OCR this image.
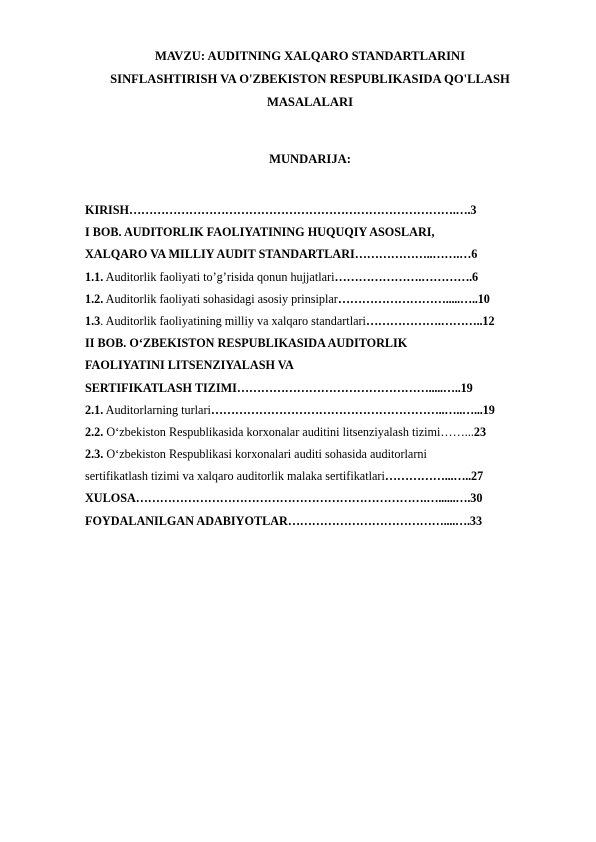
MAVZU: AUDITNING XALQARO STANDARTLARINI
SINFLASHTIRISH VA O'ZBEKISTON RESPUBLIKASIDA QO'LLASH
MASALALARI
MUNDARIJA:
KIRISH……………………………………………………………………….….3
I BOB. AUDITORLIK FAOLIYATINING HUQUQIY ASOSLARI,
XALQARO VA MILLIY AUDIT STANDARTLARI………………..…….…6
1.1. Auditorlik faoliyati to’g’risida qonun hujjatlari………………….………….6
1.2. Auditorlik faoliyati sohasidagi asosiy prinsiplar……………………….....…..10
1.3. Auditorlik faoliyatining milliy va xalqaro standartlari……………….………..12
II BOB. O‘ZBEKISTON RESPUBLIKASIDA AUDITORLIK
FAOLIYATINI LITSENZIYALASH VA
SERTIFIKATLASH TIZIMI………………………………………….....…..19
2.1. Auditorlarning turlari…………………………………………………..…..…...19
2.2. O‘zbekiston Respublikasida korxonalar auditini litsenziyalash tizimi……...23
2.3. O‘zbekiston Respublikasi korxonalari auditi sohasida auditorlarni
sertifikatlash tizimi va xalqaro auditorlik malaka sertifikatlari……………...…..27
XULOSA……………………………………………………………….…......….30
FOYDALANILGAN ADABIYOTLAR…………………………………....….33
